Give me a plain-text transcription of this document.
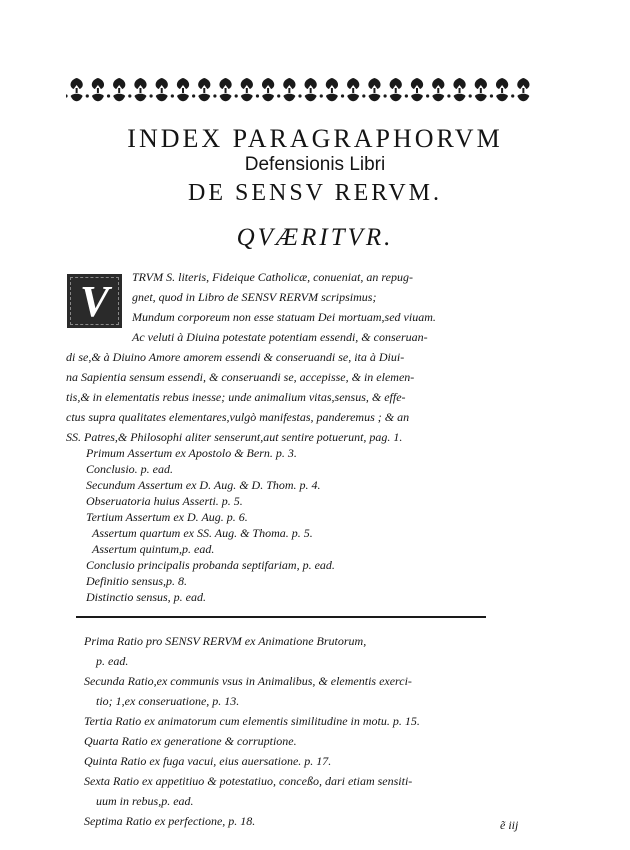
INDEX PARAGRAPHORVM
Defensionis Libri
DE SENSV RERVM.
QVÆRITVR.
V TRVM S. literis, Fideique Catholicæ, conueniat, an repug-
gnet, quod in Libro de SENSV RERVM scripsimus;
Mundum corporeum non esse statuam Dei mortuam,sed viuam.
Ac veluti à Diuina potestate potentiam essendi, & conseruan-
di se,& à Diuino Amore amorem essendi & conseruandi se, ita à Diui-
na Sapientia sensum essendi, & conseruandi se, accepisse, & in elemen-
tis,& in elementatis rebus inesse; unde animalium vitas,sensus, & effe-
ctus supra qualitates elementares,vulgò manifestas, panderemus ; & an
SS. Patres,& Philosophi aliter senserunt,aut sentire potuerunt, pag. 1.
Primum Assertum ex Apostolo & Bern. p. 3.
Conclusio. p. ead.
Secundum Assertum ex D. Aug. & D. Thom. p. 4.
Obseruatoria huius Asserti. p. 5.
Tertium Assertum ex D. Aug. p. 6.
Assertum quartum ex SS. Aug. & Thoma. p. 5.
Assertum quintum,p. ead.
Conclusio principalis probanda septifariam, p. ead.
Definitio sensus,p. 8.
Prima Ratio pro SENSV RERVM ex Animatione Brutorum,
p. ead.
Secunda Ratio,ex communis vsus in Animalibus, & elementis exerci-
tio; 1,ex conseruatione, p. 13.
Tertia Ratio ex animatorum cum elementis similitudine in motu. p. 15.
Quarta Ratio ex generatione & corruptione.
Quinta Ratio ex fuga vacui, eius auersatione. p. 17.
Sexta Ratio ex appetitiuo & potestatiuo, conceßo, dari etiam sensiti-
uum in rebus,p. ead.
Septima Ratio ex perfectione, p. 18.	ẽ iij
Distinctio sensus, p. ead.
